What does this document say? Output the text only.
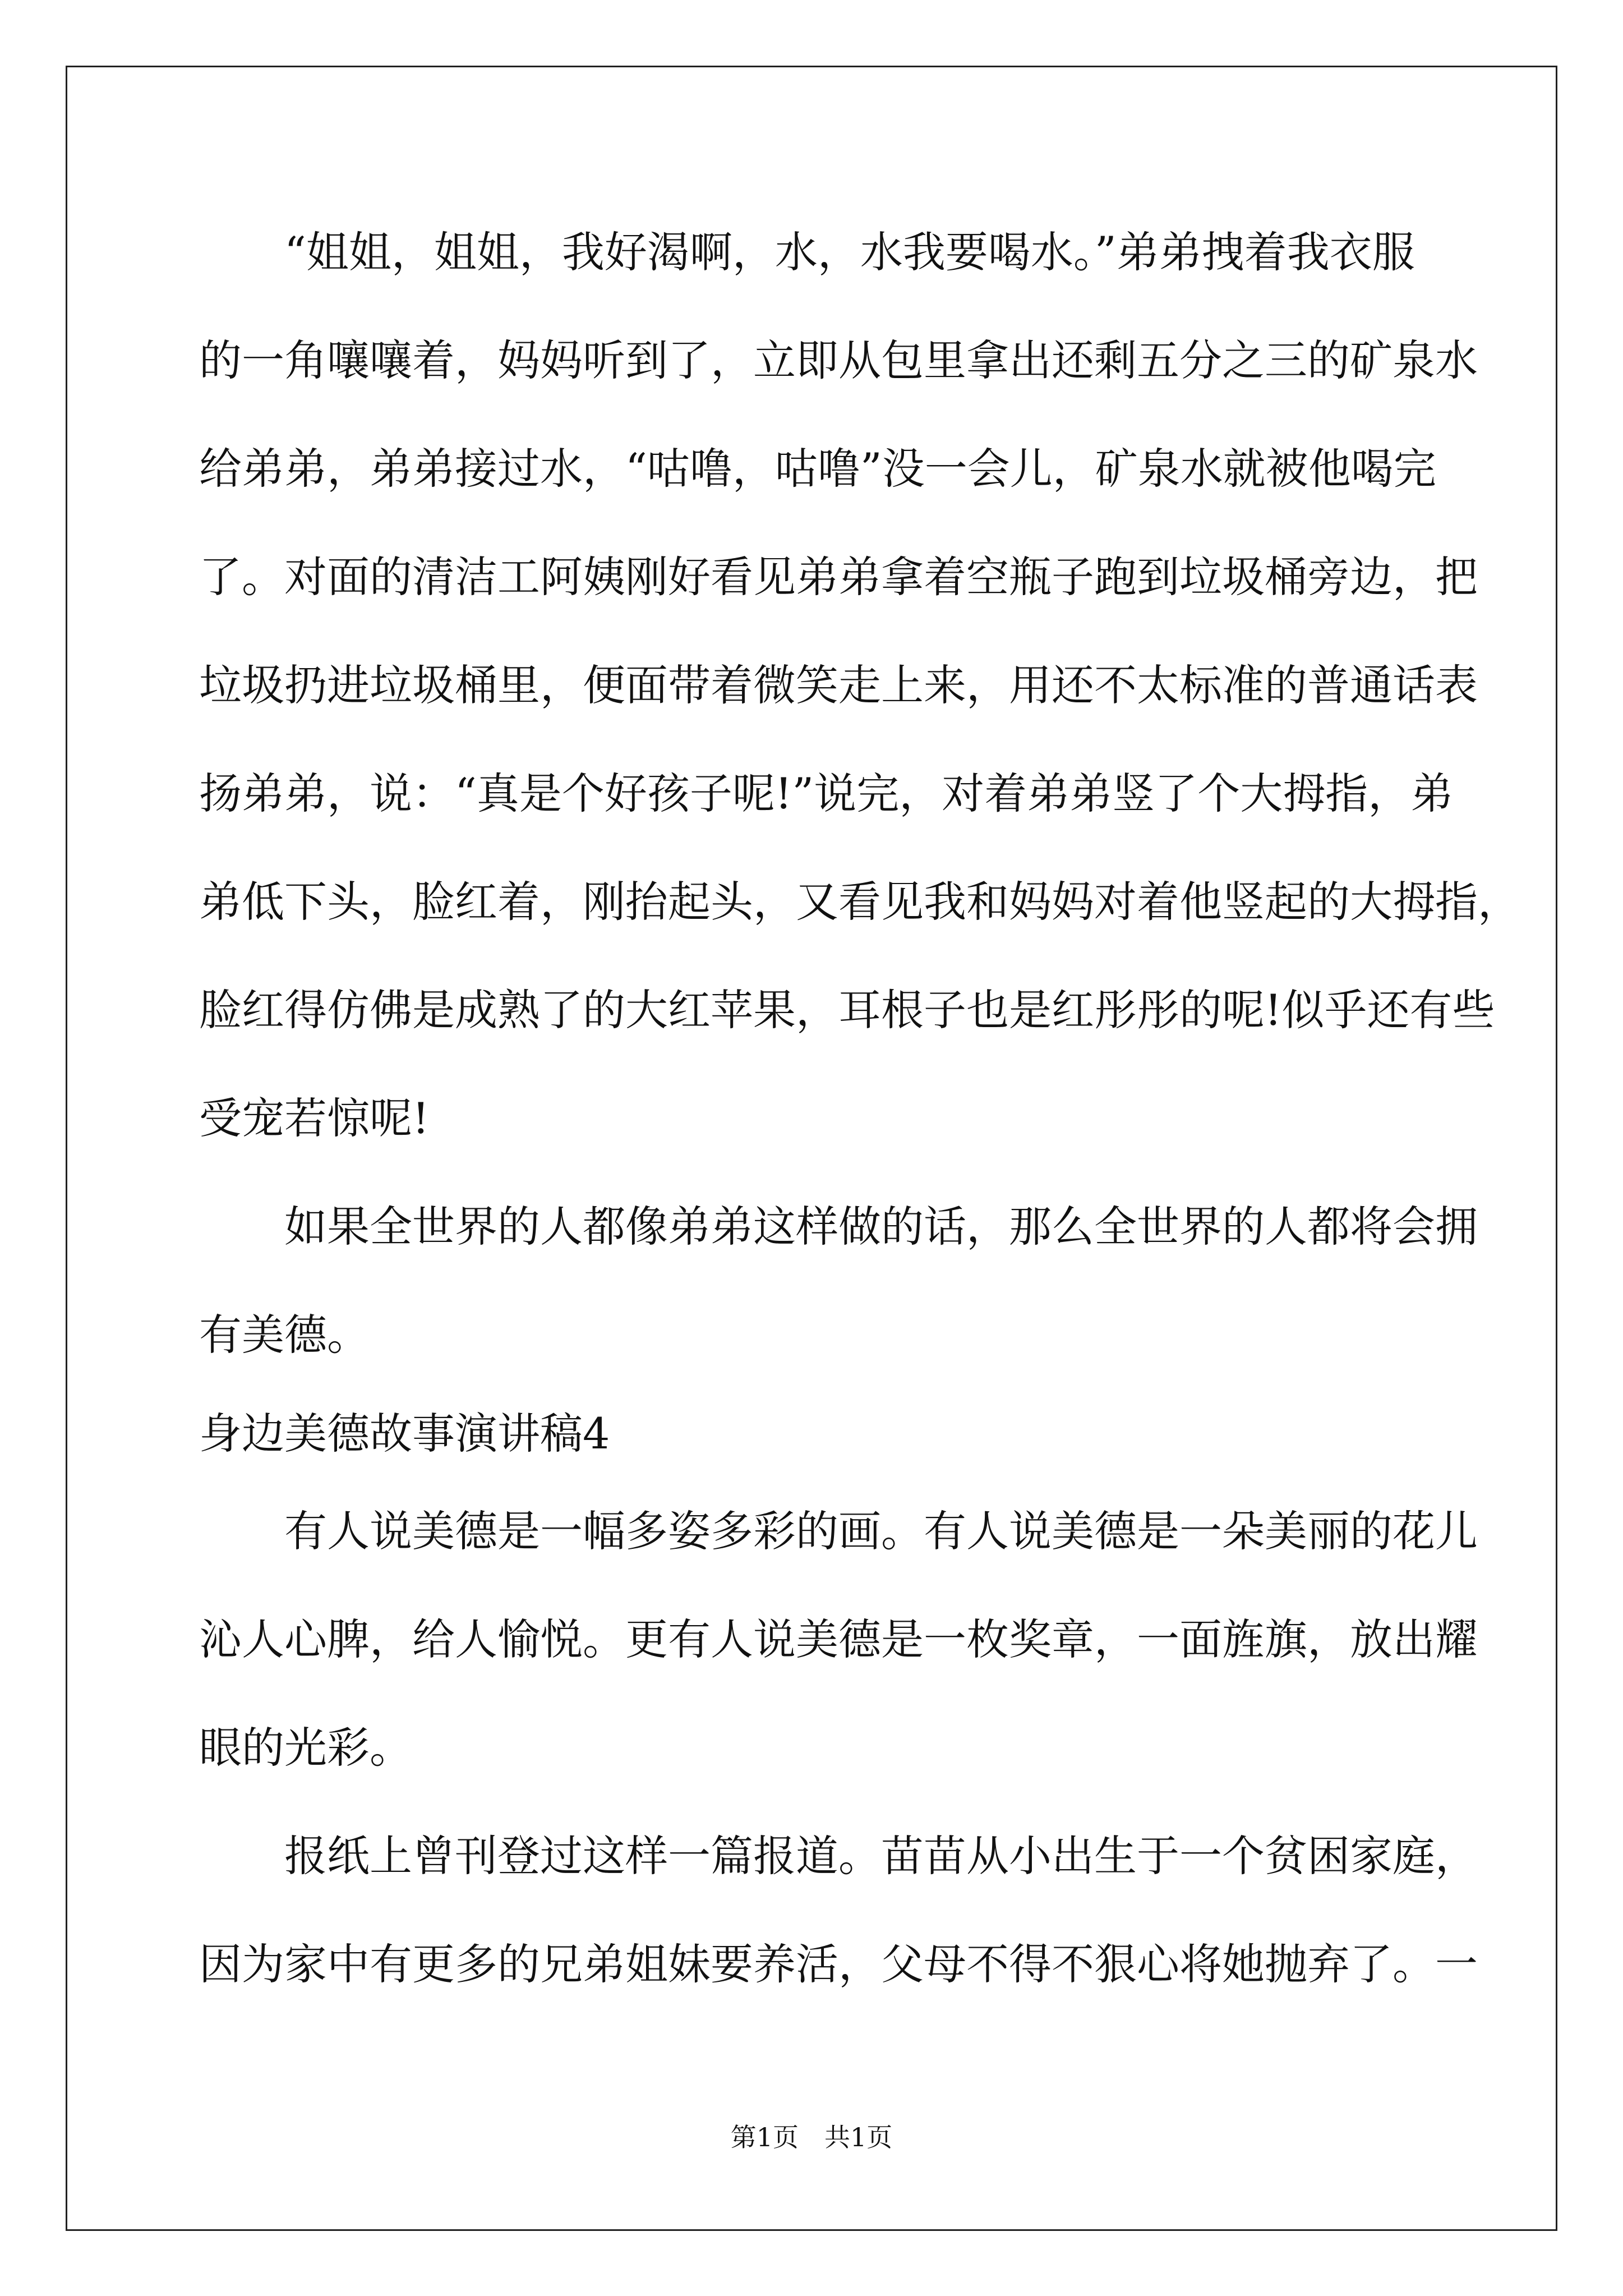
　　“姐姐，姐姐，我好渴啊，水，水我要喝水。”弟弟拽着我衣服
的一角嚷嚷着，妈妈听到了，立即从包里拿出还剩五分之三的矿泉水
给弟弟，弟弟接过水，“咕噜，咕噜”没一会儿，矿泉水就被他喝完
了。对面的清洁工阿姨刚好看见弟弟拿着空瓶子跑到垃圾桶旁边，把
垃圾扔进垃圾桶里，便面带着微笑走上来，用还不太标准的普通话表
扬弟弟，说：“真是个好孩子呢!”说完，对着弟弟竖了个大拇指，弟
弟低下头，脸红着，刚抬起头，又看见我和妈妈对着他竖起的大拇指，
脸红得仿佛是成熟了的大红苹果，耳根子也是红彤彤的呢!似乎还有些
受宠若惊呢!
　　如果全世界的人都像弟弟这样做的话，那么全世界的人都将会拥
有美德。
身边美德故事演讲稿4
　　有人说美德是一幅多姿多彩的画。有人说美德是一朵美丽的花儿
沁人心脾，给人愉悦。更有人说美德是一枚奖章，一面旌旗，放出耀
眼的光彩。
　　报纸上曾刊登过这样一篇报道。苗苗从小出生于一个贫困家庭，
因为家中有更多的兄弟姐妹要养活，父母不得不狠心将她抛弃了。一
第1页　共1页
